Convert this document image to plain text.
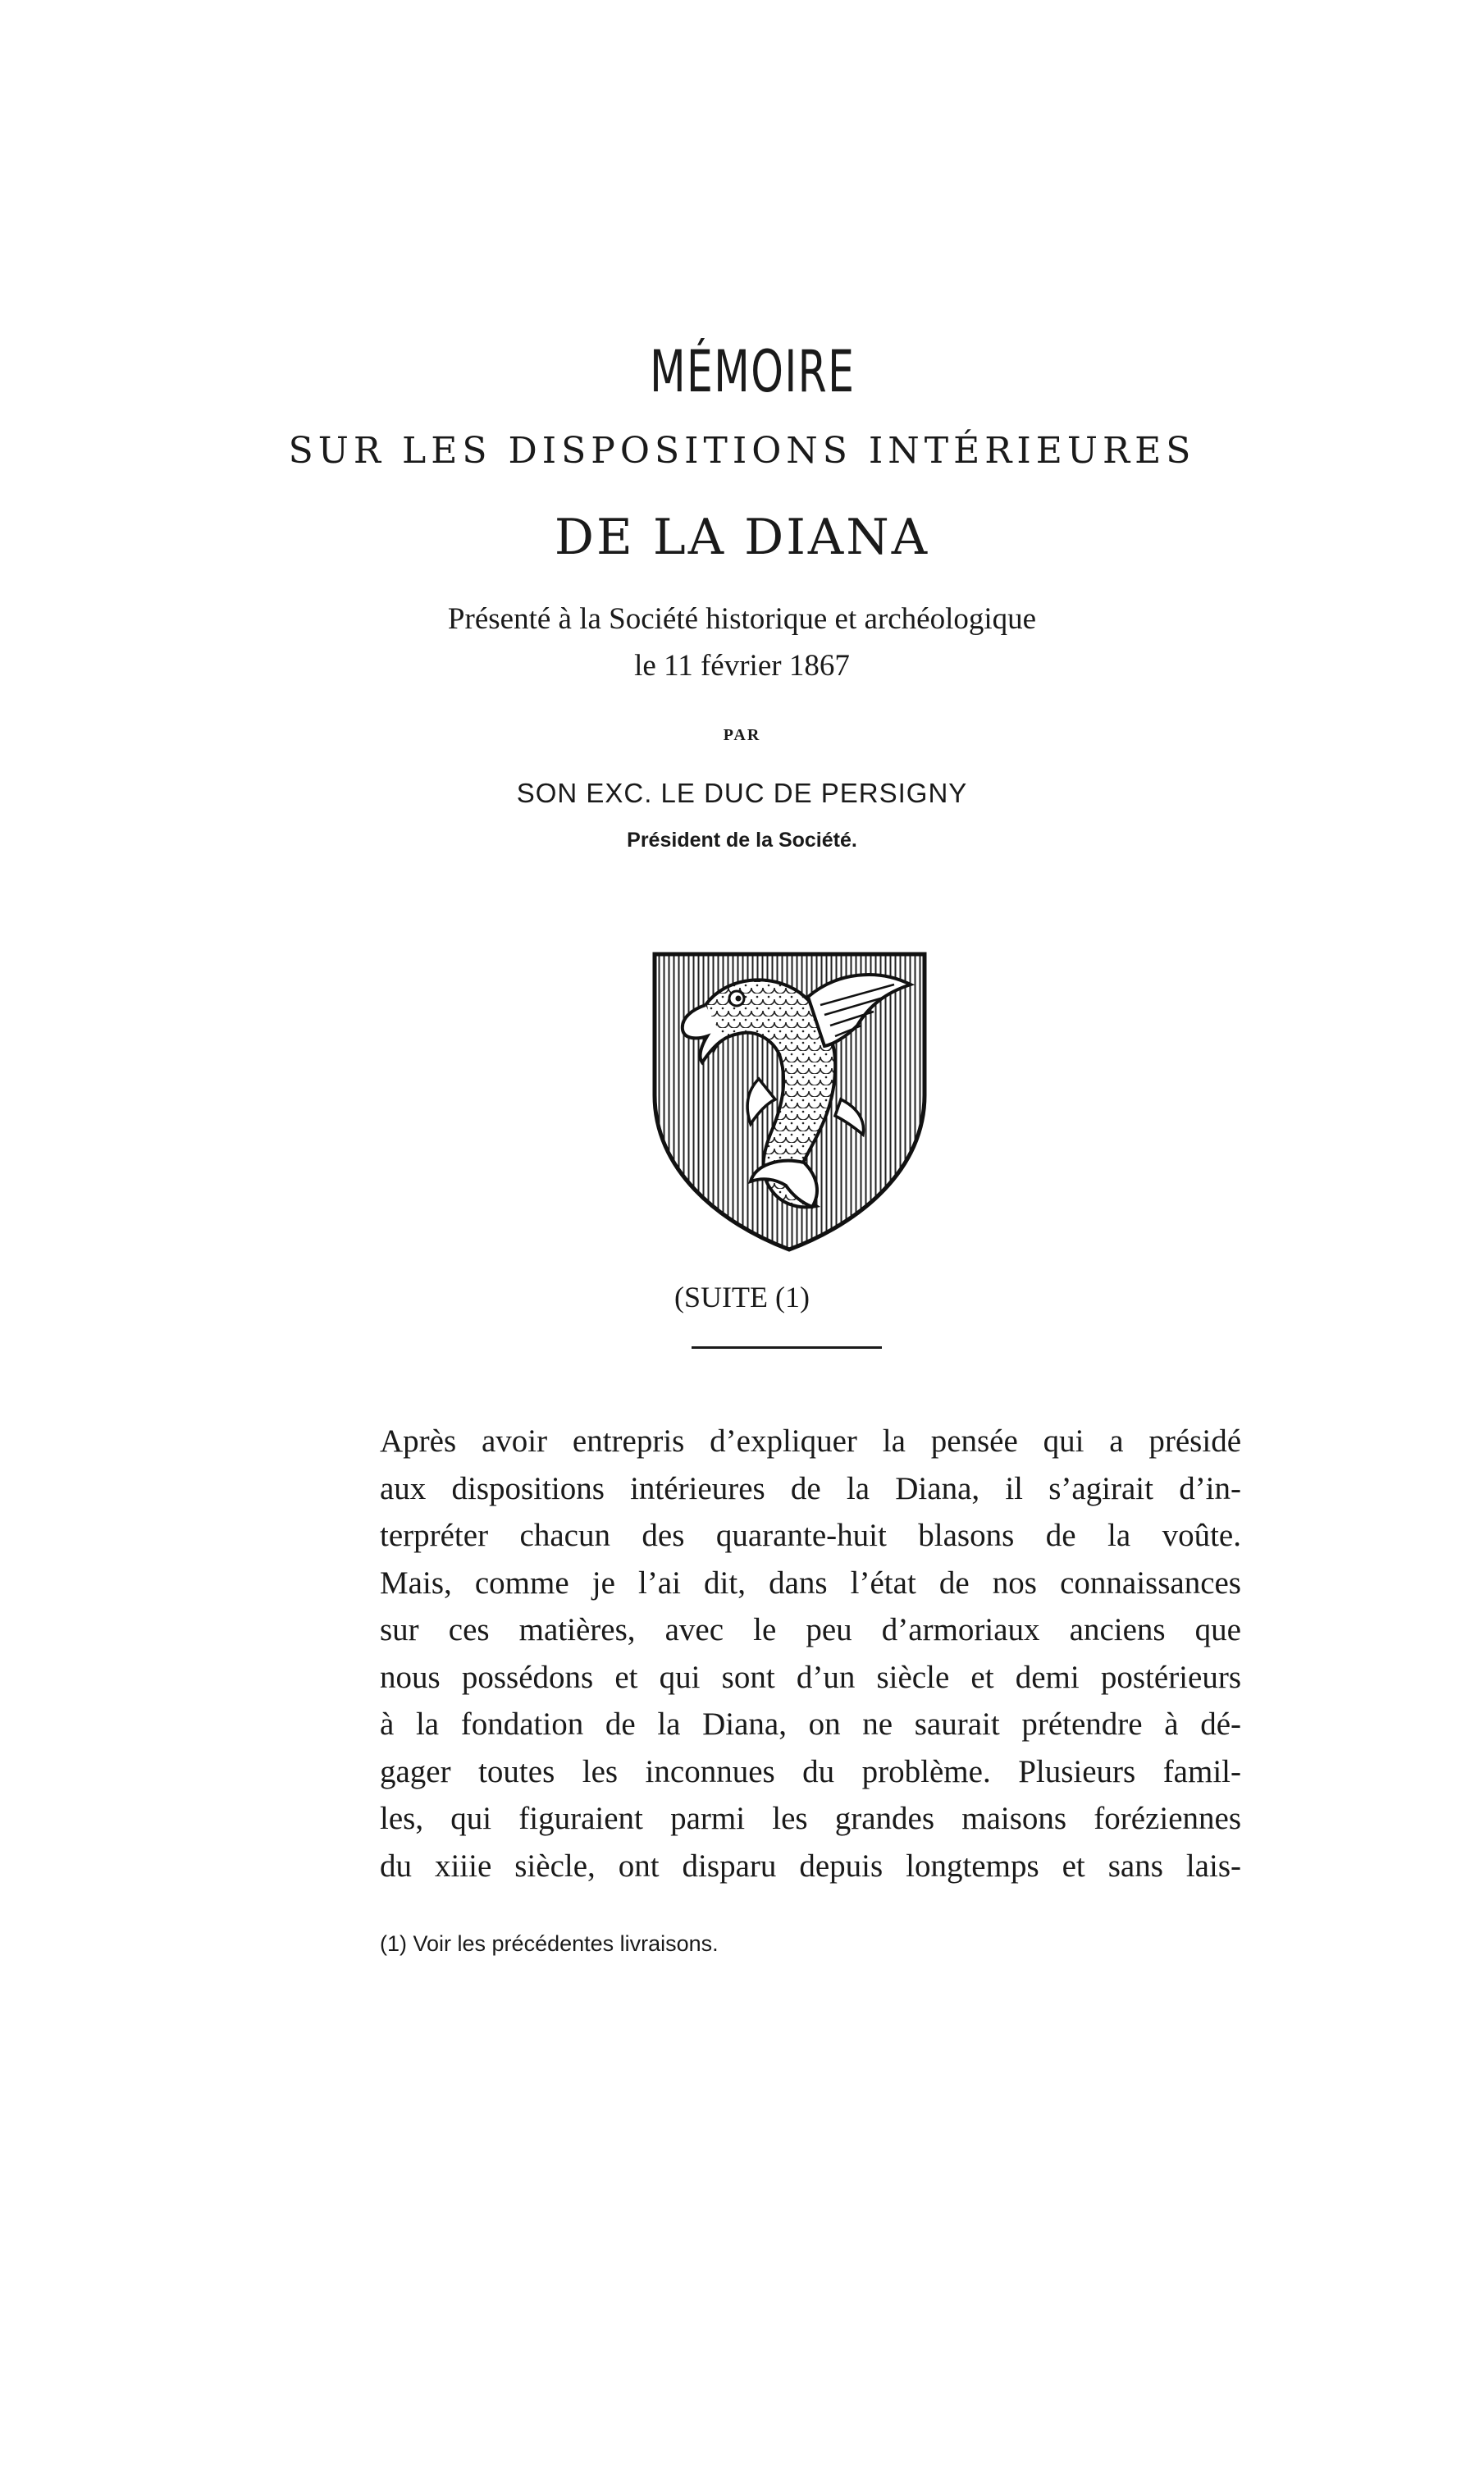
MÉMOIRE
SUR LES DISPOSITIONS INTÉRIEURES
DE LA DIANA
Présenté à la Société historique et archéologique
le 11 février 1867
PAR
SON EXC. LE DUC DE PERSIGNY
Président de la Société.
(SUITE (1)
Après avoir entrepris d’expliquer la pensée qui a présidé
aux dispositions intérieures de la Diana, il s’agirait d’in-
terpréter chacun des quarante-huit blasons de la voûte.
Mais, comme je l’ai dit, dans l’état de nos connaissances
sur ces matières, avec le peu d’armoriaux anciens que
nous possédons et qui sont d’un siècle et demi postérieurs
à la fondation de la Diana, on ne saurait prétendre à dé-
gager toutes les inconnues du problème. Plusieurs famil-
les, qui figuraient parmi les grandes maisons foréziennes
du xiiie siècle, ont disparu depuis longtemps et sans lais-
(1) Voir les précédentes livraisons.
